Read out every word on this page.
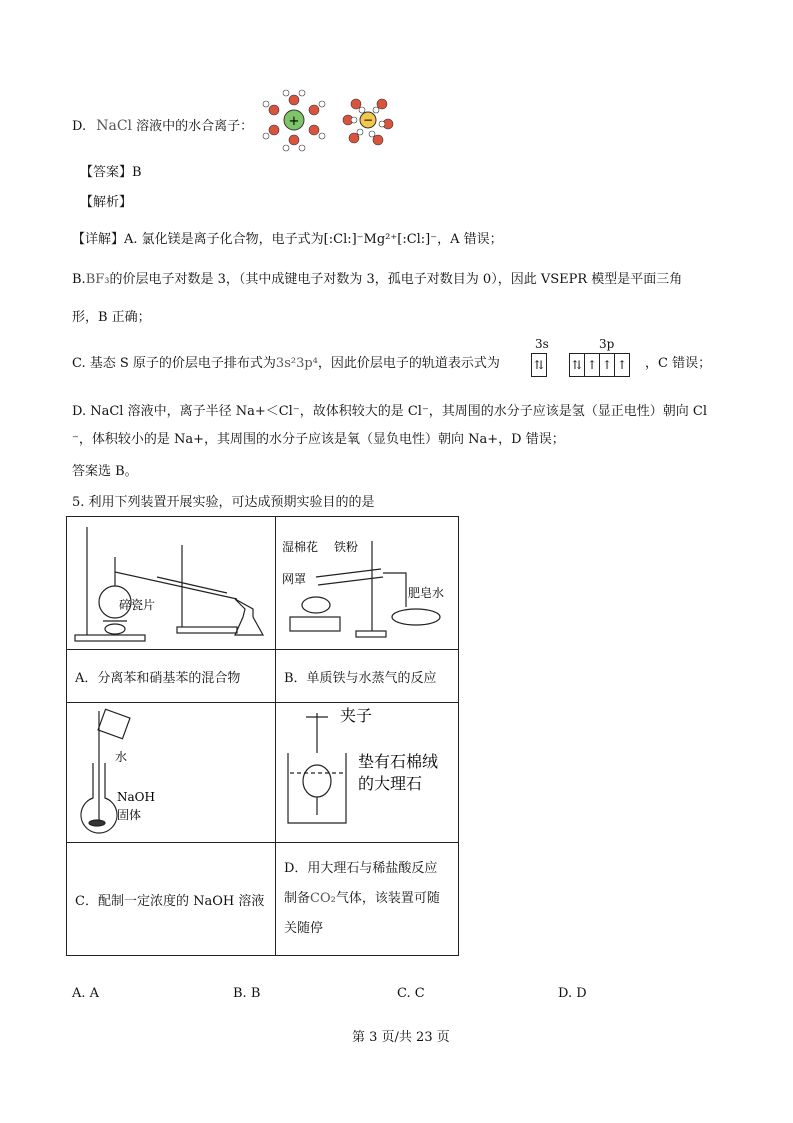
D. NaCl 溶液中的水合离子：	+	−
【答案】B
【解析】
【详解】A. 氯化镁是离子化合物，电子式为[:Cl:]⁻Mg²⁺[:Cl:]⁻，A 错误；
B.BF₃的价层电子对数是 3，（其中成键电子对数为 3，孤电子对数目为 0），因此 VSEPR 模型是平面三角
形，B 正确；
C. 基态 S 原子的价层电子排布式为3s²3p⁴，因此价层电子的轨道表示式为
3s	3p
⇅ ⇅ ↑ ↑ ↑ ，C 错误；
D. NaCl 溶液中，离子半径 Na+＜Cl⁻，故体积较大的是 Cl⁻，其周围的水分子应该是氢（显正电性）朝向 Cl
⁻，体积较小的是 Na+，其周围的水分子应该是氧（显负电性）朝向 Na+，D 错误；
答案选 B。
5. 利用下列装置开展实验，可达成预期实验目的的是
碎瓷片	湿棉花 铁粉
网罩
肥皂水

A．分离苯和硝基苯的混合物	B．单质铁与水蒸气的反应

水
NaOH
固体	夹子
垫有石棉绒
的大理石

C．配制一定浓度的 NaOH 溶液	D．用大理石与稀盐酸反应
制备CO₂气体，该装置可随
关随停
A. A	B. B	C. C	D. D
第 3 页/共 23 页
